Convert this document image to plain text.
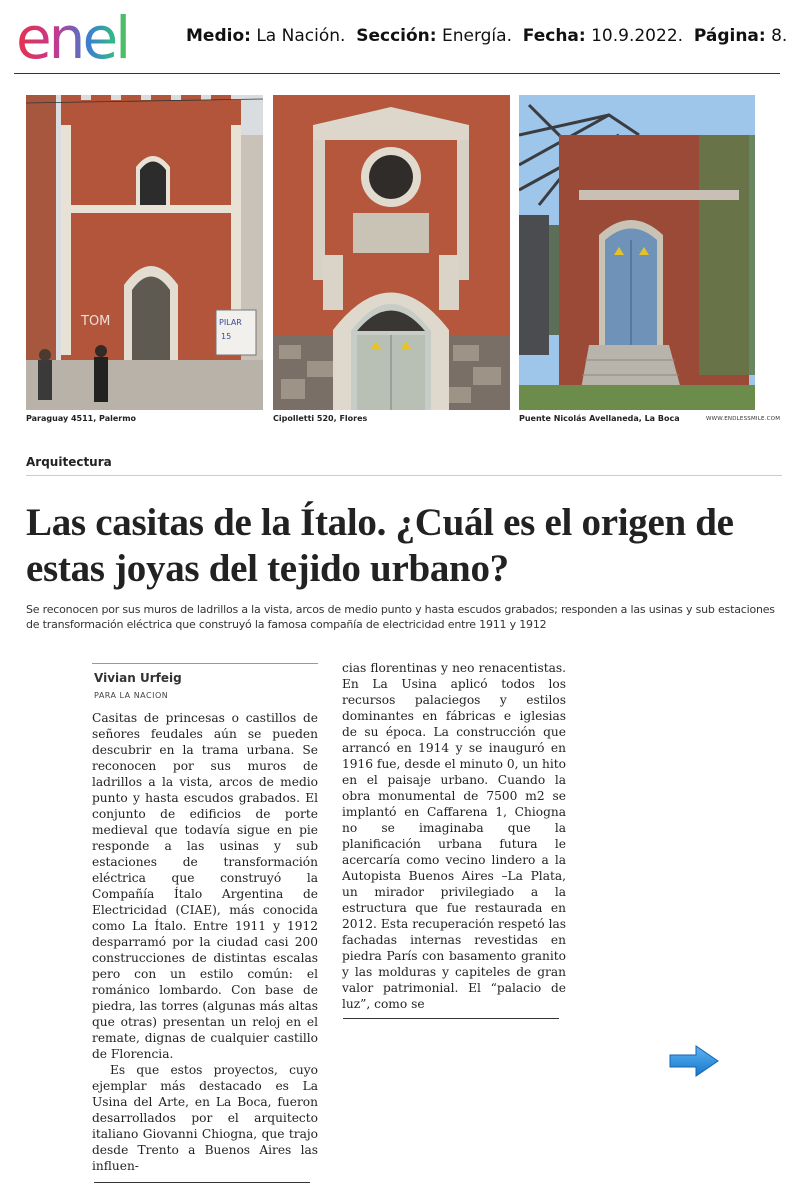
enel	Medio: La Nación. Sección: Energía. Fecha: 10.9.2022. Página: 8.
PILAR
15
TOM
Paraguay 4511, Palermo	Cipolletti 520, Flores	Puente Nicolás Avellaneda, La Boca	WWW.ENDLESSMILE.COM
Arquitectura
Las casitas de la Ítalo. ¿Cuál es el origen de estas joyas del tejido urbano?
Se reconocen por sus muros de ladrillos a la vista, arcos de medio punto y hasta escudos grabados; responden a las usinas y sub estaciones de transformación eléctrica que construyó la famosa compañía de electricidad entre 1911 y 1912
Vivian Urfeig
PARA LA NACION

Casitas de princesas o castillos de señores feudales aún se pueden descubrir en la trama urbana. Se reconocen por sus muros de ladrillos a la vista, arcos de medio punto y hasta escudos grabados. El conjunto de edificios de porte medieval que todavía sigue en pie responde a las usinas y sub estaciones de transformación eléctrica que construyó la Compañía Ítalo Argentina de Electricidad (CIAE), más conocida como La Ítalo. Entre 1911 y 1912 desparramó por la ciudad casi 200 construcciones de distintas escalas pero con un estilo común: el románico lombardo. Con base de piedra, las torres (algunas más altas que otras) presentan un reloj en el remate, dignas de cualquier castillo de Florencia.

Es que estos proyectos, cuyo ejemplar más destacado es La Usina del Arte, en La Boca, fueron desarrollados por el arquitecto italiano Giovanni Chiogna, que trajo desde Trento a Buenos Aires las influen-

cias florentinas y neo renacentistas. En La Usina aplicó todos los recursos palaciegos y estilos dominantes en fábricas e iglesias de su época. La construcción que arrancó en 1914 y se inauguró en 1916 fue, desde el minuto 0, un hito en el paisaje urbano. Cuando la obra monumental de 7500 m2 se implantó en Caffarena 1, Chiogna no se imaginaba que la planificación urbana futura le acercaría como vecino lindero a la Autopista Buenos Aires –La Plata, un mirador privilegiado a la estructura que fue restaurada en 2012. Esta recuperación respetó las fachadas internas revestidas en piedra París con basamento granito y las molduras y capiteles de gran valor patrimonial. El “palacio de luz”, como se
